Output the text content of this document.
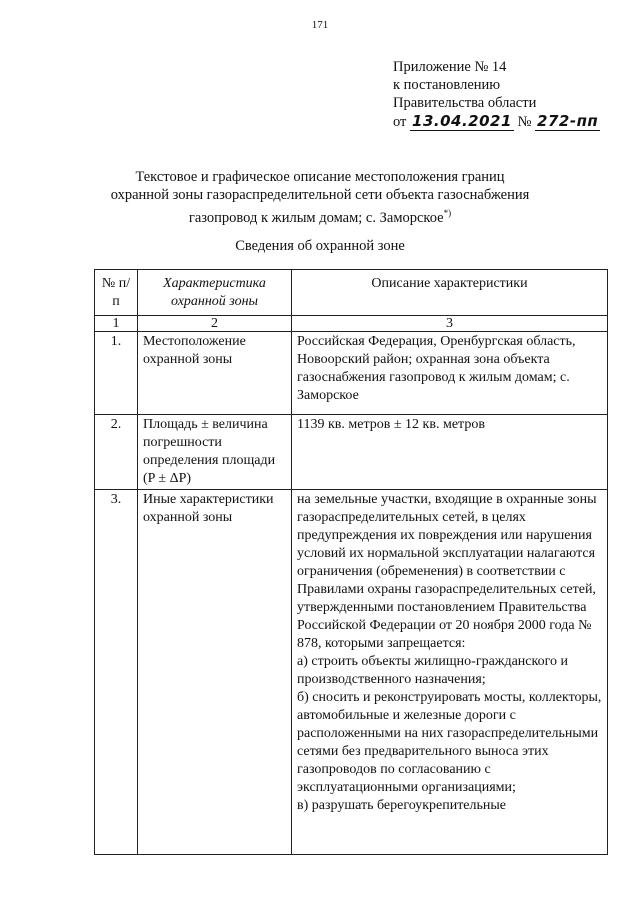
171
Приложение № 14
к постановлению
Правительства области
от 13.04.2021 № 272-пп
Текстовое и графическое описание местоположения границ
охранной зоны газораспределительной сети объекта газоснабжения
газопровод к жилым домам; с. Заморское*)
Сведения об охранной зоне
№ п/п	Характеристика охранной зоны	Описание характеристики
1	2	3
1.	Местоположение охранной зоны	Российская Федерация, Оренбургская область, Новоорский район; охранная зона объекта газоснабжения газопровод к жилым домам; с. Заморское
2.	Площадь ± величина погрешности определения площади (P ± ΔP)	1139 кв. метров ± 12 кв. метров
3.	Иные характеристики охранной зоны	на земельные участки, входящие в охранные зоны газораспределительных сетей, в целях предупреждения их повреждения или нарушения условий их нормальной эксплуатации налагаются ограничения (обременения) в соответствии с Правилами охраны газораспределительных сетей, утвержденными постановлением Правительства Российской Федерации от 20 ноября 2000 года № 878, которыми запрещается:
а) строить объекты жилищно-гражданского и производственного назначения;
б) сносить и реконструировать мосты, коллекторы, автомобильные и железные дороги с расположенными на них газораспределительными сетями без предварительного выноса этих газопроводов по согласованию с эксплуатационными организациями;
в) разрушать берегоукрепительные
